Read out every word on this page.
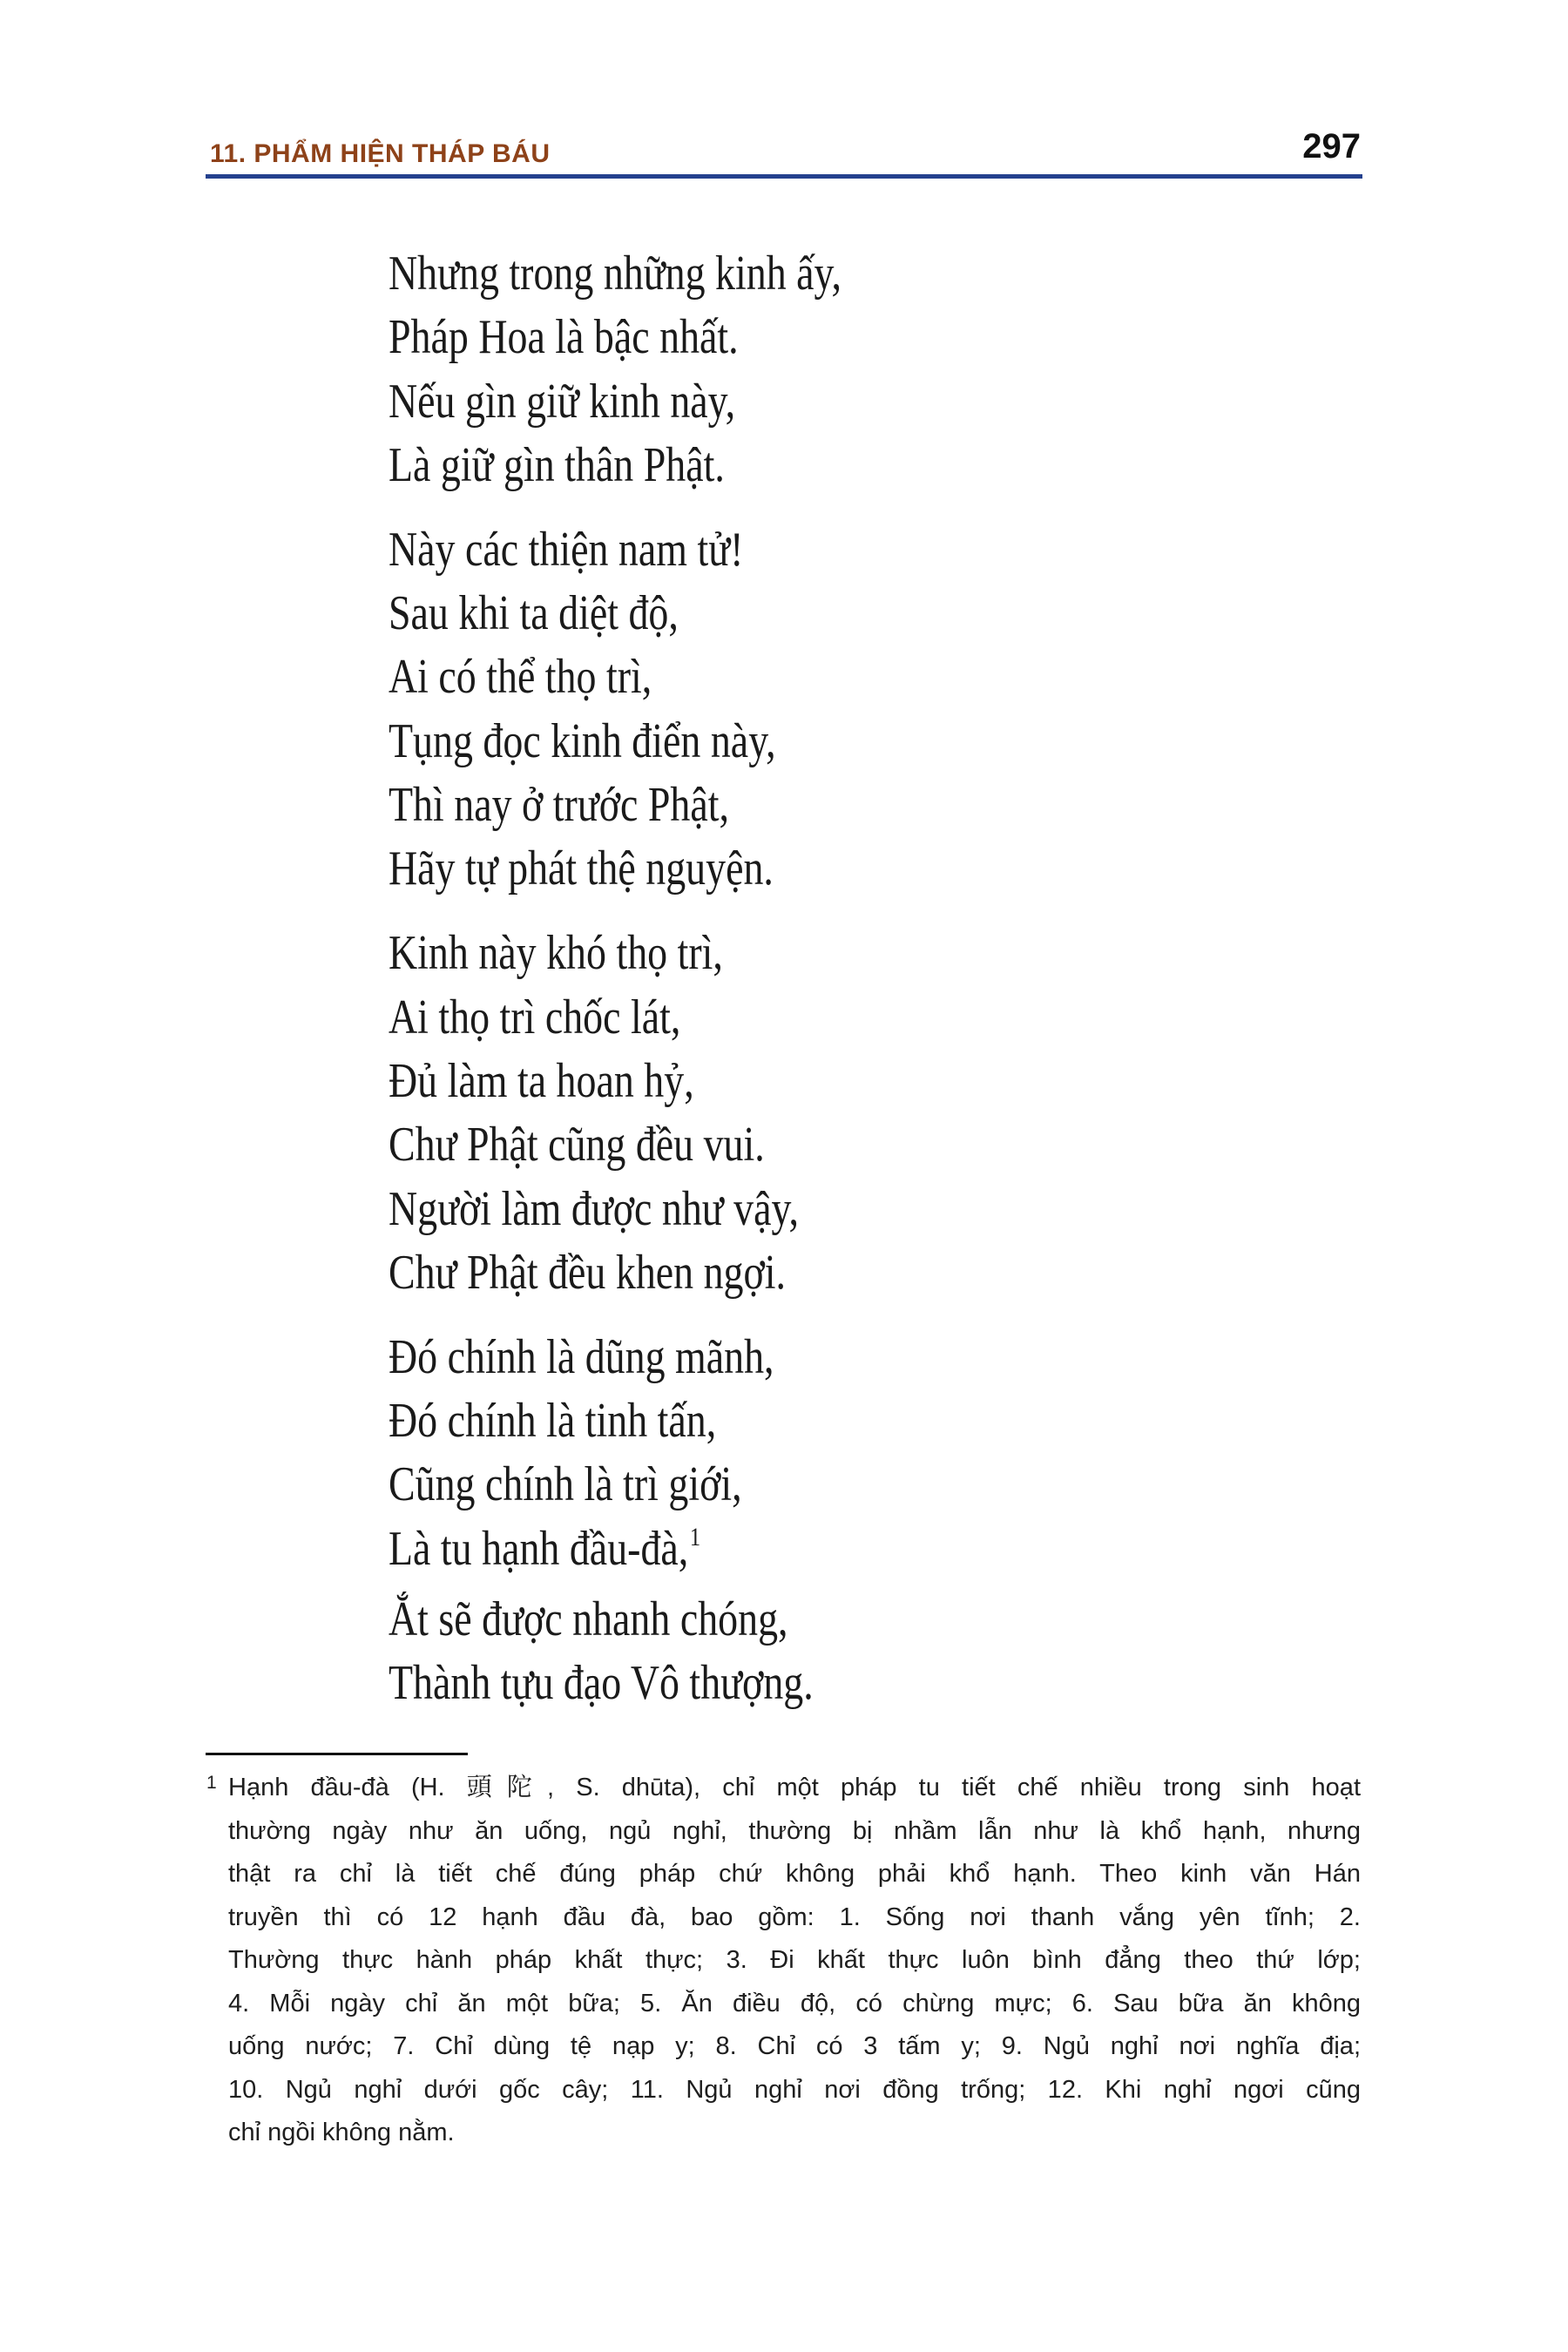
11. PHẨM HIỆN THÁP BÁU	297
Nhưng trong những kinh ấy,
Pháp Hoa là bậc nhất.
Nếu gìn giữ kinh này,
Là giữ gìn thân Phật.
Này các thiện nam tử!
Sau khi ta diệt độ,
Ai có thể thọ trì,
Tụng đọc kinh điển này,
Thì nay ở trước Phật,
Hãy tự phát thệ nguyện.
Kinh này khó thọ trì,
Ai thọ trì chốc lát,
Đủ làm ta hoan hỷ,
Chư Phật cũng đều vui.
Người làm được như vậy,
Chư Phật đều khen ngợi.
Đó chính là dũng mãnh,
Đó chính là tinh tấn,
Cũng chính là trì giới,
Là tu hạnh đầu-đà,$^1$
Ắt sẽ được nhanh chóng,
Thành tựu đạo Vô thượng.
1 Hạnh đầu-đà (H. 頭陀, S. dhūta), chỉ một pháp tu tiết chế nhiều trong sinh hoạt
thường ngày như ăn uống, ngủ nghỉ, thường bị nhầm lẫn như là khổ hạnh, nhưng
thật ra chỉ là tiết chế đúng pháp chứ không phải khổ hạnh. Theo kinh văn Hán
truyền thì có 12 hạnh đầu đà, bao gồm: 1. Sống nơi thanh vắng yên tĩnh; 2.
Thường thực hành pháp khất thực; 3. Đi khất thực luôn bình đẳng theo thứ lớp;
4. Mỗi ngày chỉ ăn một bữa; 5. Ăn điều độ, có chừng mực; 6. Sau bữa ăn không
uống nước; 7. Chỉ dùng tệ nạp y; 8. Chỉ có 3 tấm y; 9. Ngủ nghỉ nơi nghĩa địa;
10. Ngủ nghỉ dưới gốc cây; 11. Ngủ nghỉ nơi đồng trống; 12. Khi nghỉ ngơi cũng
chỉ ngồi không nằm.
